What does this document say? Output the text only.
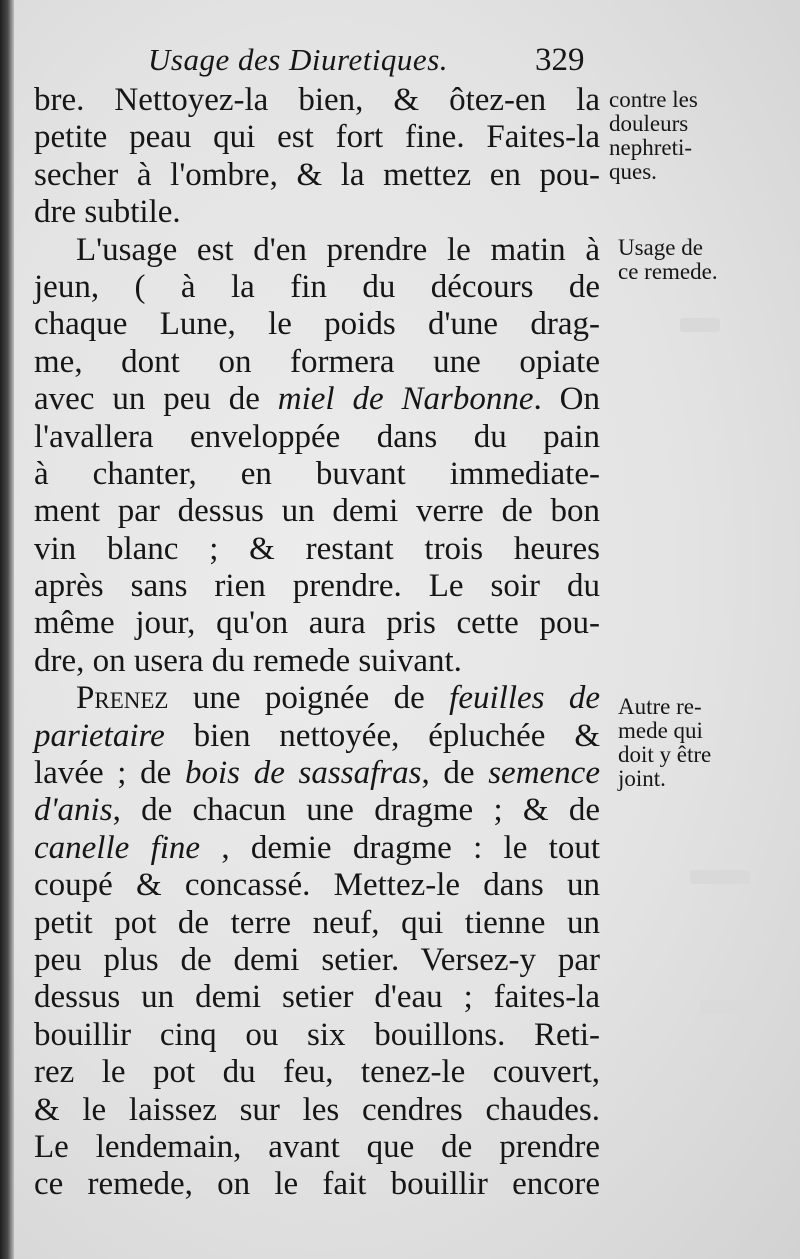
Usage des Diuretiques.	329
bre. Nettoyez-la bien, & ôtez-en la
petite peau qui est fort fine. Faites-la
secher à l'ombre, & la mettez en pou-
dre subtile.
L'usage est d'en prendre le matin à
jeun, ( à la fin du décours de
chaque Lune, le poids d'une drag-
me, dont on formera une opiate
avec un peu de miel de Narbonne. On
l'avallera enveloppée dans du pain
à chanter, en buvant immediate-
ment par dessus un demi verre de bon
vin blanc ; & restant trois heures
après sans rien prendre. Le soir du
même jour, qu'on aura pris cette pou-
dre, on usera du remede suivant.
Prenez une poignée de feuilles de
parietaire bien nettoyée, épluchée &
lavée ; de bois de sassafras, de semence
d'anis, de chacun une dragme ; & de
canelle fine , demie dragme : le tout
coupé & concassé. Mettez-le dans un
petit pot de terre neuf, qui tienne un
peu plus de demi setier. Versez-y par
dessus un demi setier d'eau ; faites-la
bouillir cinq ou six bouillons. Reti-
rez le pot du feu, tenez-le couvert,
& le laissez sur les cendres chaudes.
Le lendemain, avant que de prendre
ce remede, on le fait bouillir encore
contre les
douleurs
nephreti-
ques.
Usage de
ce remede.
Autre re-
mede qui
doit y être
joint.
